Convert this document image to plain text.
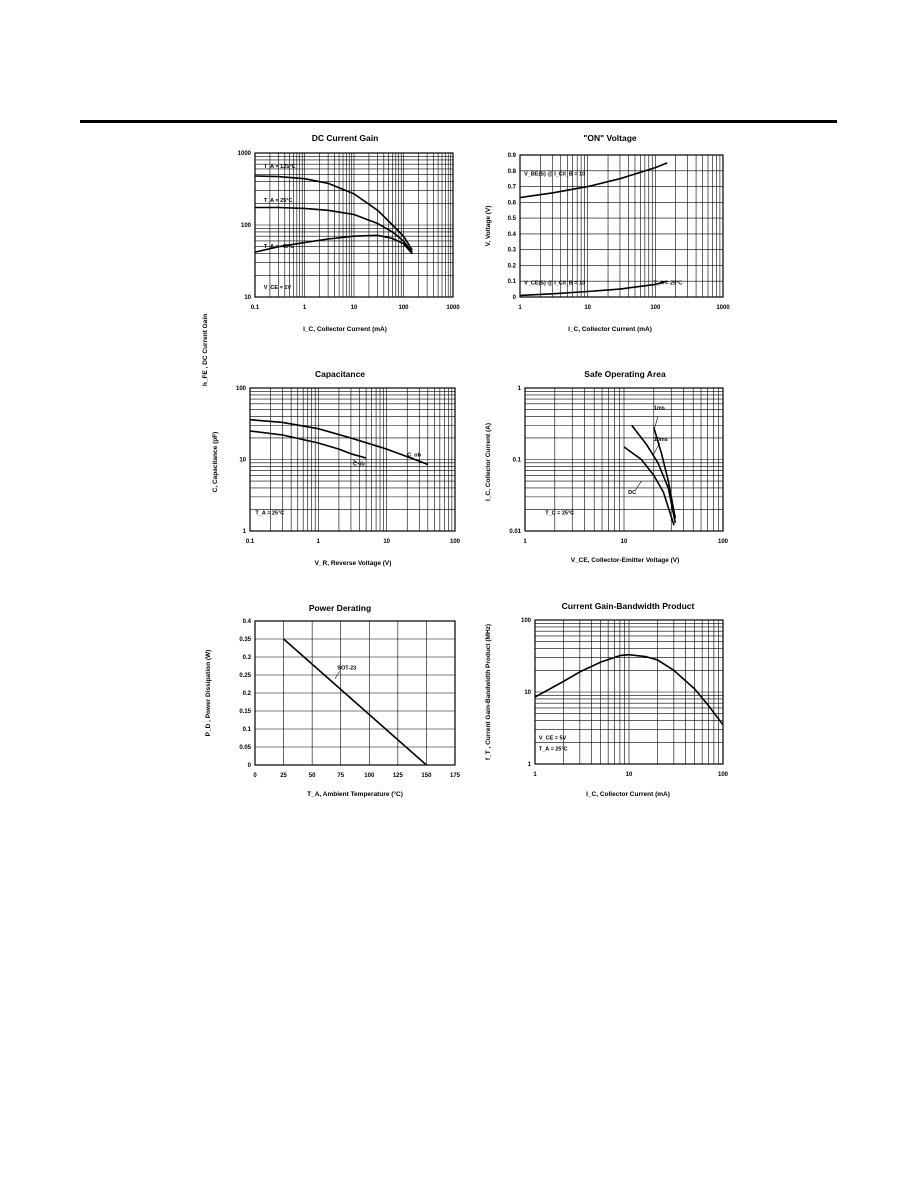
DC Current Gain
I_C, Collector Current (mA)
h_FE , DC Current Gain
0.1	1	10	100	1000
10
100
1000
T_A = 125°C
T_A = 25°C
T_A = -40°C
V_CE = 1V
"ON" Voltage
I_C, Collector Current (mA)
V, Voltage (V)
1	10	100	1000
0
0.1
0.2
0.3
0.4
0.5
0.6
0.7
0.8
0.9
V_BE(S) @ I_C/I_B = 10
V_CE(S) @ I_C/I_B = 10	T_A = 25°C
Capacitance
V_R, Reverse Voltage (V)
C, Capacitance (pF)
0.1	1	10	100
1
10
100
C_ob
C_ib
T_A = 25°C
Safe Operating Area
V_CE, Collector-Emitter Voltage (V)
I_C, Collector Current (A)
1	10	100
0.01
0.1
1
1ms
10ms
DC
T_C = 25°C
Power Derating
T_A, Ambient Temperature (°C)
P_D , Power Dissipation (W)
0	25	50	75	100	125	150	175
0
0.05
0.1
0.15
0.2
0.25
0.3
0.35
0.4
SOT-23
Current Gain-Bandwidth Product
I_C, Collector Current (mA)
f_T , Current Gain-Bandwidth Product (MHz)
1	10	100
1
10
100
V_CE = 5V
T_A = 25°C
